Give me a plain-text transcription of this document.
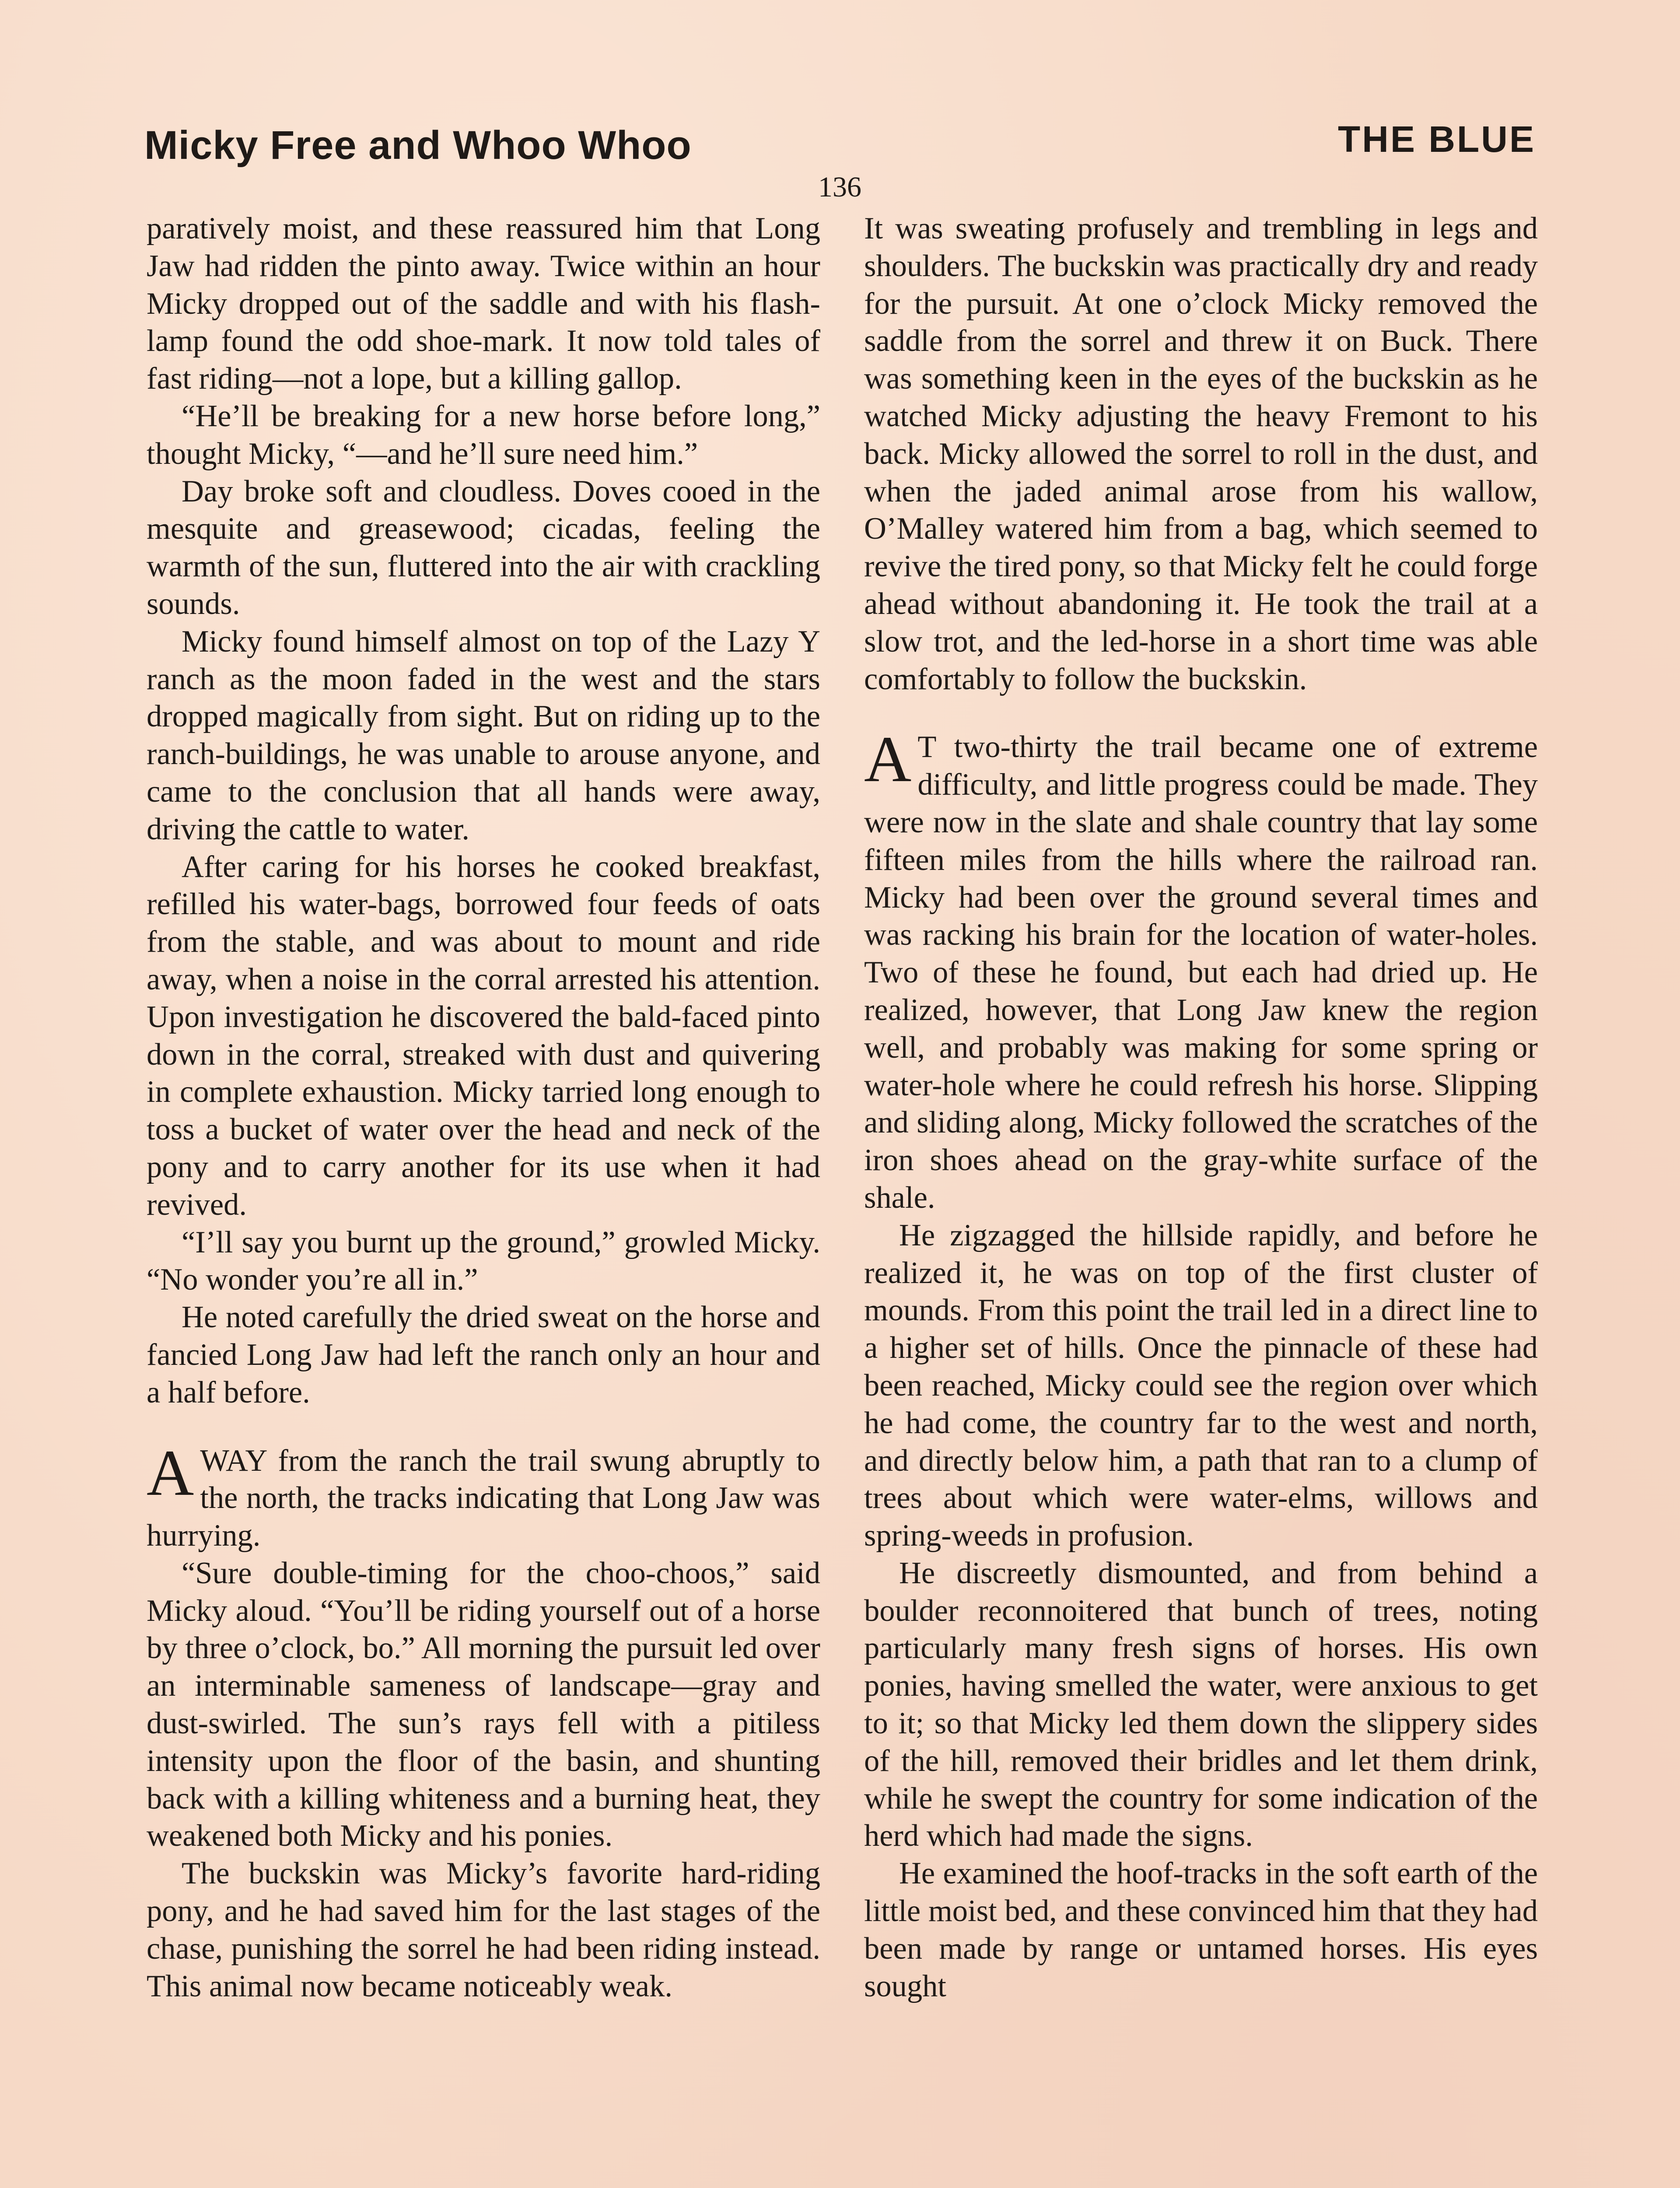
Micky Free and Whoo Whoo	THE BLUE
136

paratively moist, and these reassured him that Long Jaw had ridden the pinto away. Twice within an hour Micky dropped out of the saddle and with his flash-lamp found the odd shoe-mark. It now told tales of fast riding—not a lope, but a killing gallop.

“He’ll be breaking for a new horse before long,” thought Micky, “—and he’ll sure need him.”

Day broke soft and cloudless. Doves cooed in the mesquite and greasewood; cicadas, feeling the warmth of the sun, fluttered into the air with crackling sounds.

Micky found himself almost on top of the Lazy Y ranch as the moon faded in the west and the stars dropped magically from sight. But on riding up to the ranch-buildings, he was unable to arouse anyone, and came to the conclusion that all hands were away, driving the cattle to water.

After caring for his horses he cooked breakfast, refilled his water-bags, borrowed four feeds of oats from the stable, and was about to mount and ride away, when a noise in the corral arrested his attention. Upon investigation he discovered the bald-faced pinto down in the corral, streaked with dust and quivering in complete exhaustion. Micky tarried long enough to toss a bucket of water over the head and neck of the pony and to carry another for its use when it had revived.

“I’ll say you burnt up the ground,” growled Micky. “No wonder you’re all in.”

He noted carefully the dried sweat on the horse and fancied Long Jaw had left the ranch only an hour and a half before.

A WAY from the ranch the trail swung abruptly to the north, the tracks indicating that Long Jaw was hurrying.

“Sure double-timing for the choo-choos,” said Micky aloud. “You’ll be riding yourself out of a horse by three o’clock, bo.” All morning the pursuit led over an interminable sameness of landscape—gray and dust-swirled. The sun’s rays fell with a pitiless intensity upon the floor of the basin, and shunting back with a killing whiteness and a burning heat, they weakened both Micky and his ponies.

The buckskin was Micky’s favorite hard-riding pony, and he had saved him for the last stages of the chase, punishing the sorrel he had been riding instead. This animal now became noticeably weak.

It was sweating profusely and trembling in legs and shoulders. The buckskin was practically dry and ready for the pursuit. At one o’clock Micky removed the saddle from the sorrel and threw it on Buck. There was something keen in the eyes of the buckskin as he watched Micky adjusting the heavy Fremont to his back. Micky allowed the sorrel to roll in the dust, and when the jaded animal arose from his wallow, O’Malley watered him from a bag, which seemed to revive the tired pony, so that Micky felt he could forge ahead without abandoning it. He took the trail at a slow trot, and the led-horse in a short time was able comfortably to follow the buckskin.

A T two-thirty the trail became one of extreme difficulty, and little progress could be made. They were now in the slate and shale country that lay some fifteen miles from the hills where the railroad ran. Micky had been over the ground several times and was racking his brain for the location of water-holes. Two of these he found, but each had dried up. He realized, however, that Long Jaw knew the region well, and probably was making for some spring or water-hole where he could refresh his horse. Slipping and sliding along, Micky followed the scratches of the iron shoes ahead on the gray-white surface of the shale.

He zigzagged the hillside rapidly, and before he realized it, he was on top of the first cluster of mounds. From this point the trail led in a direct line to a higher set of hills. Once the pinnacle of these had been reached, Micky could see the region over which he had come, the country far to the west and north, and directly below him, a path that ran to a clump of trees about which were water-elms, willows and spring-weeds in profusion.

He discreetly dismounted, and from behind a boulder reconnoitered that bunch of trees, noting particularly many fresh signs of horses. His own ponies, having smelled the water, were anxious to get to it; so that Micky led them down the slippery sides of the hill, removed their bridles and let them drink, while he swept the country for some indication of the herd which had made the signs.

He examined the hoof-tracks in the soft earth of the little moist bed, and these convinced him that they had been made by range or untamed horses. His eyes sought
